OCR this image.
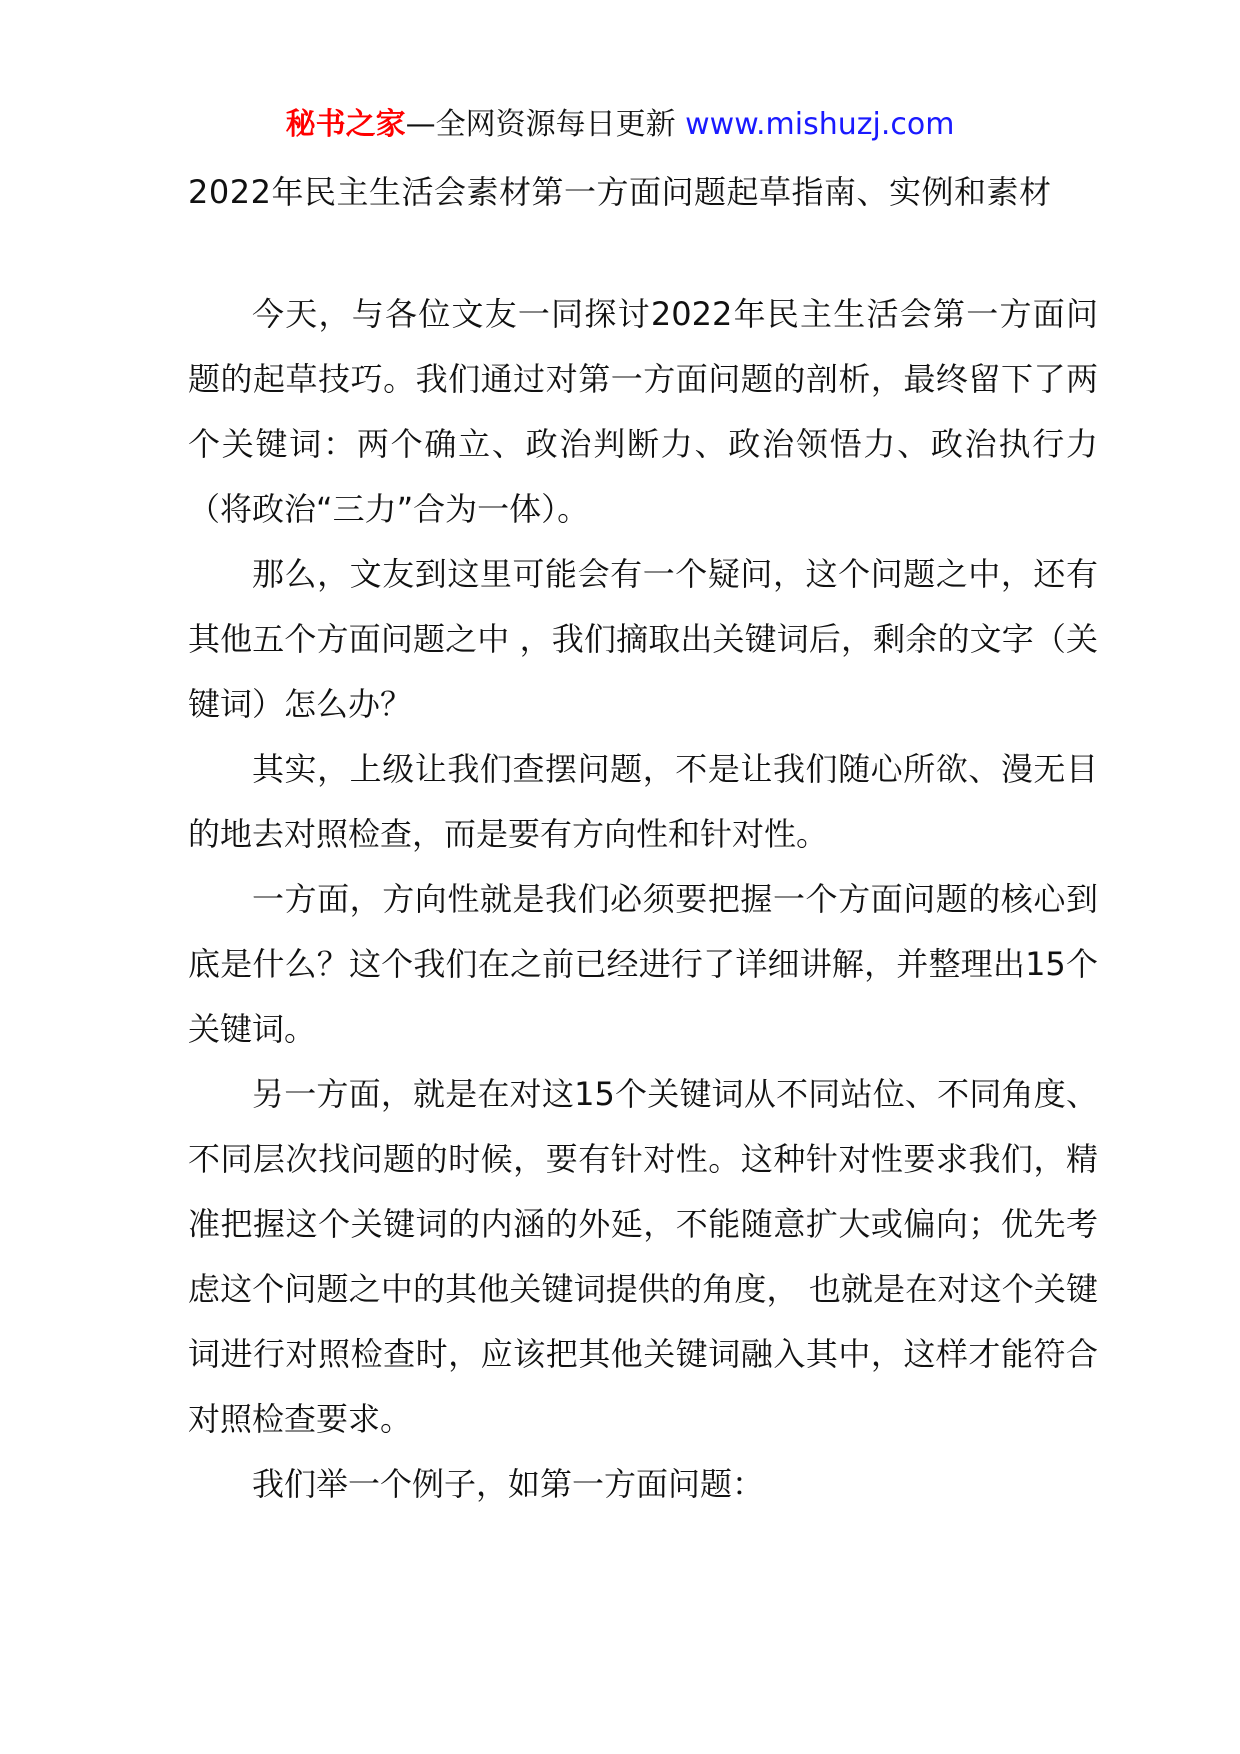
秘书之家—全网资源每日更新 www.mishuzj.com
2022年民主生活会素材第一方面问题起草指南、实例和素材

今天，与各位文友一同探讨2022年民主生活会第一方面问题的起草技巧。我们通过对第一方面问题的剖析，最终留下了两个关键词：两个确立、政治判断力、政治领悟力、政治执行力（将政治“三力”合为一体）。

那么，文友到这里可能会有一个疑问，这个问题之中，还有其他五个方面问题之中 ，我们摘取出关键词后，剩余的文字（关键词）怎么办？

其实，上级让我们查摆问题，不是让我们随心所欲、漫无目的地去对照检查，而是要有方向性和针对性。

一方面，方向性就是我们必须要把握一个方面问题的核心到底是什么？这个我们在之前已经进行了详细讲解，并整理出15个关键词。

另一方面，就是在对这15个关键词从不同站位、不同角度、不同层次找问题的时候，要有针对性。这种针对性要求我们，精准把握这个关键词的内涵的外延，不能随意扩大或偏向；优先考虑这个问题之中的其他关键词提供的角度， 也就是在对这个关键词进行对照检查时，应该把其他关键词融入其中，这样才能符合对照检查要求。

我们举一个例子，如第一方面问题：
